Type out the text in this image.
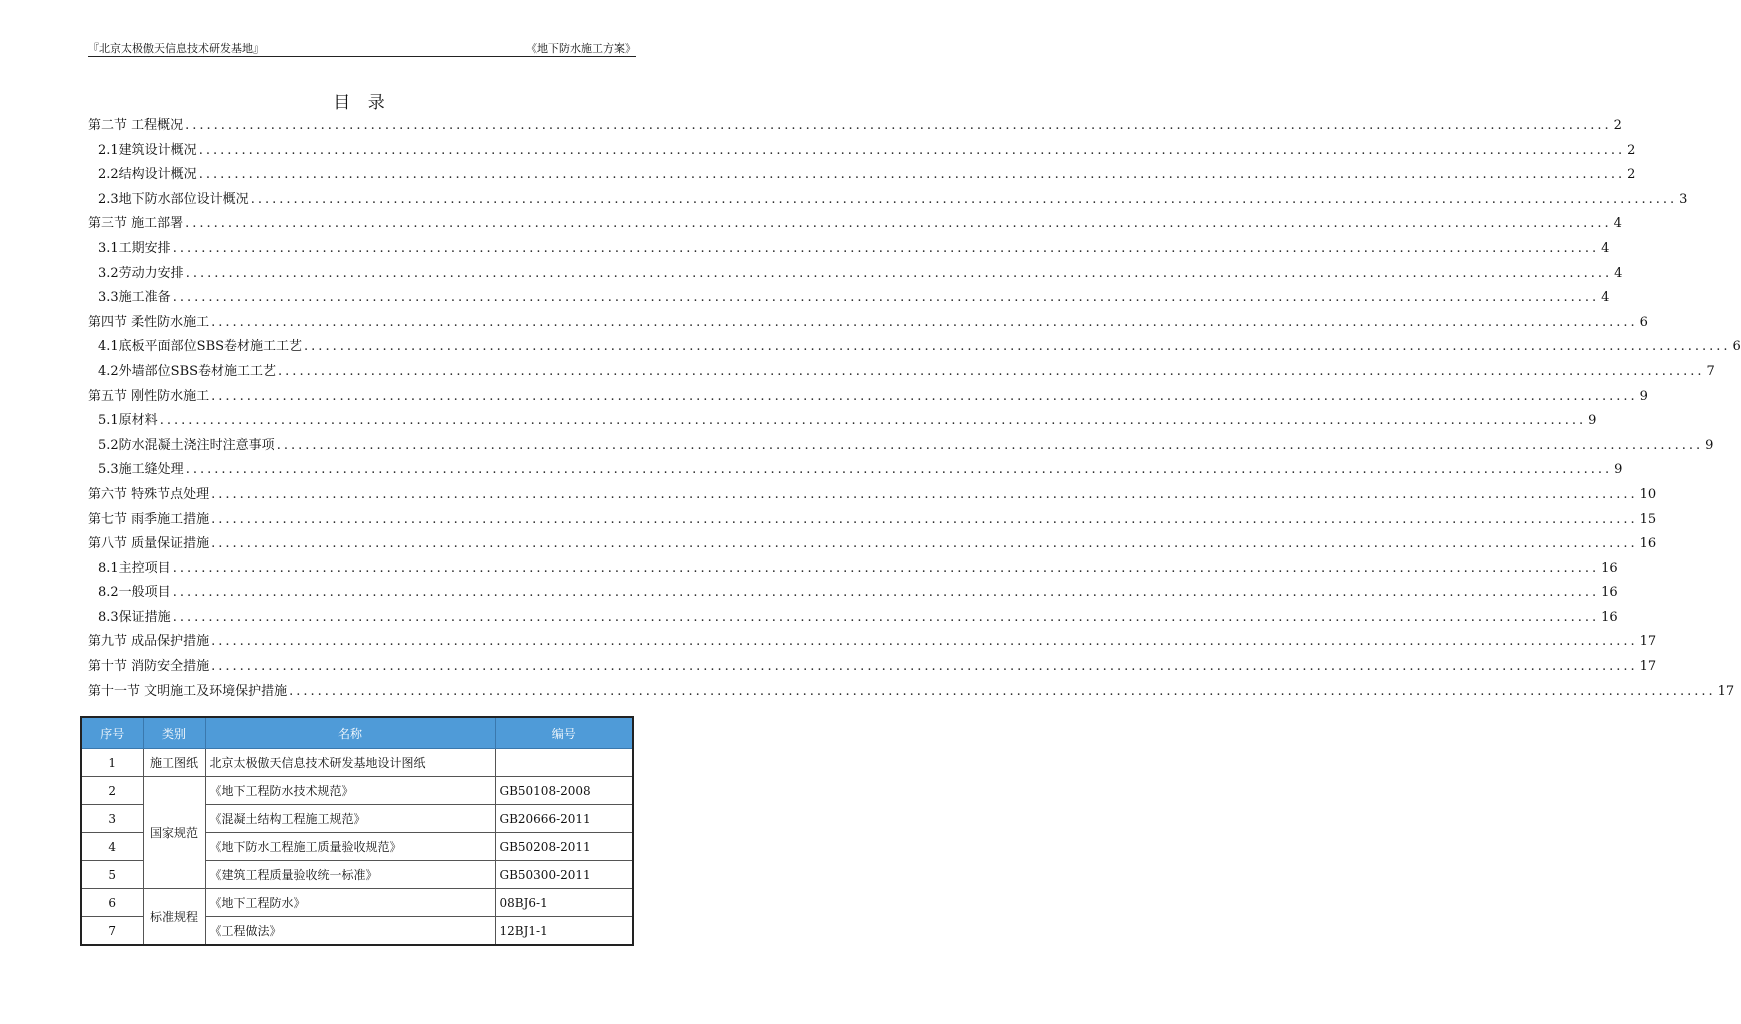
『北京太极傲天信息技术研发基地』	《地下防水施工方案》
目 录
第二节 工程概况 ........................................................................................................................................................................................................ 2
2.1建筑设计概况 ........................................................................................................................................................................................................ 2
2.2结构设计概况 ........................................................................................................................................................................................................ 2
2.3地下防水部位设计概况 ........................................................................................................................................................................................................ 3
第三节 施工部署 ........................................................................................................................................................................................................ 4
3.1工期安排 ........................................................................................................................................................................................................ 4
3.2劳动力安排 ........................................................................................................................................................................................................ 4
3.3施工准备 ........................................................................................................................................................................................................ 4
第四节 柔性防水施工 ........................................................................................................................................................................................................ 6
4.1底板平面部位SBS卷材施工工艺 ........................................................................................................................................................................................................ 6
4.2外墙部位SBS卷材施工工艺 ........................................................................................................................................................................................................ 7
第五节 刚性防水施工 ........................................................................................................................................................................................................ 9
5.1原材料 ........................................................................................................................................................................................................ 9
5.2防水混凝土浇注时注意事项 ........................................................................................................................................................................................................ 9
5.3施工缝处理 ........................................................................................................................................................................................................ 9
第六节 特殊节点处理 ........................................................................................................................................................................................................ 10
第七节 雨季施工措施 ........................................................................................................................................................................................................ 15
第八节 质量保证措施 ........................................................................................................................................................................................................ 16
8.1主控项目 ........................................................................................................................................................................................................ 16
8.2一般项目 ........................................................................................................................................................................................................ 16
8.3保证措施 ........................................................................................................................................................................................................ 16
第九节 成品保护措施 ........................................................................................................................................................................................................ 17
第十节 消防安全措施 ........................................................................................................................................................................................................ 17
第十一节 文明施工及环境保护措施 ........................................................................................................................................................................................................ 17
序号	类别	名称	编号
1	施工图纸	北京太极傲天信息技术研发基地设计图纸	
2	国家规范	《地下工程防水技术规范》	GB50108-2008
3		《混凝土结构工程施工规范》	GB20666-2011
4		《地下防水工程施工质量验收规范》	GB50208-2011
5		《建筑工程质量验收统一标准》	GB50300-2011
6	标准规程	《地下工程防水》	08BJ6-1
7		《工程做法》	12BJ1-1
